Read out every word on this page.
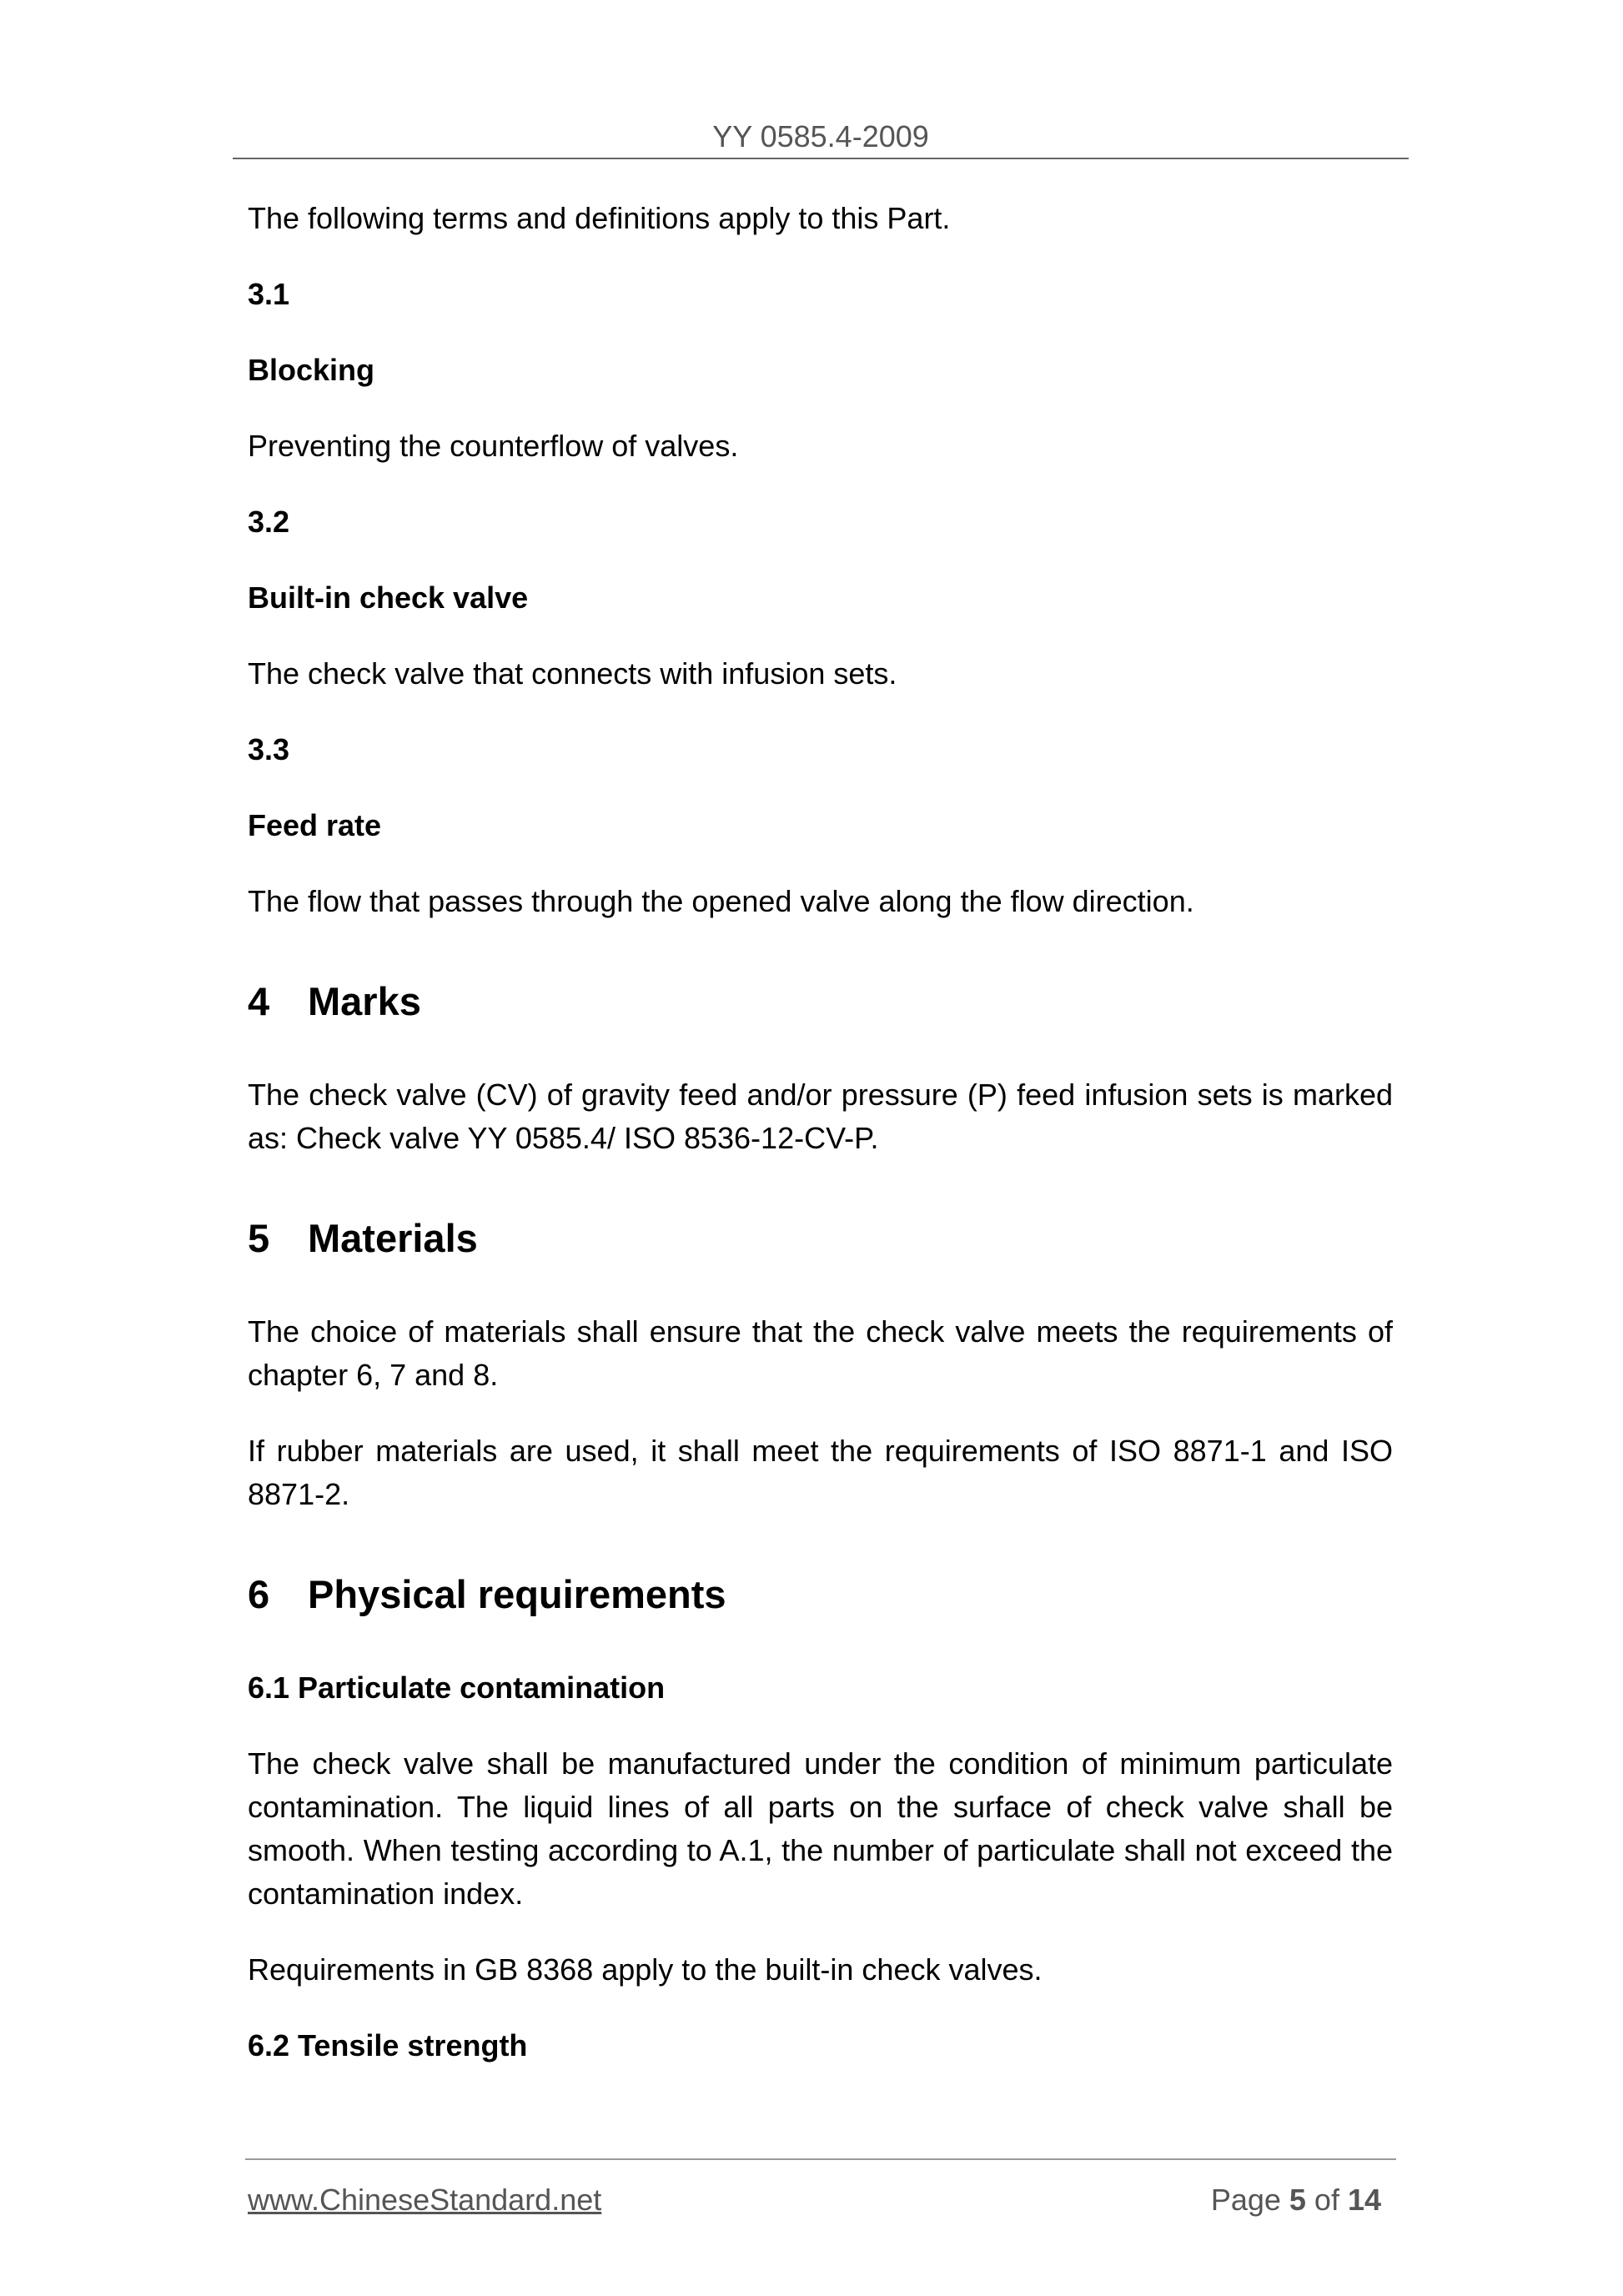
YY 0585.4-2009

The following terms and definitions apply to this Part.

3.1
Blocking

Preventing the counterflow of valves.

3.2
Built-in check valve

The check valve that connects with infusion sets.

3.3
Feed rate

The flow that passes through the opened valve along the flow direction.

4 Marks

The check valve (CV) of gravity feed and/or pressure (P) feed infusion sets is marked as: Check valve YY 0585.4/ ISO 8536-12-CV-P.

5 Materials

The choice of materials shall ensure that the check valve meets the requirements of chapter 6, 7 and 8.

If rubber materials are used, it shall meet the requirements of ISO 8871-1 and ISO 8871-2.

6 Physical requirements
6.1 Particulate contamination

The check valve shall be manufactured under the condition of minimum particulate contamination. The liquid lines of all parts on the surface of check valve shall be smooth. When testing according to A.1, the number of particulate shall not exceed the contamination index.

Requirements in GB 8368 apply to the built-in check valves.

6.2 Tensile strength
www.ChineseStandard.net	Page 5 of 14
